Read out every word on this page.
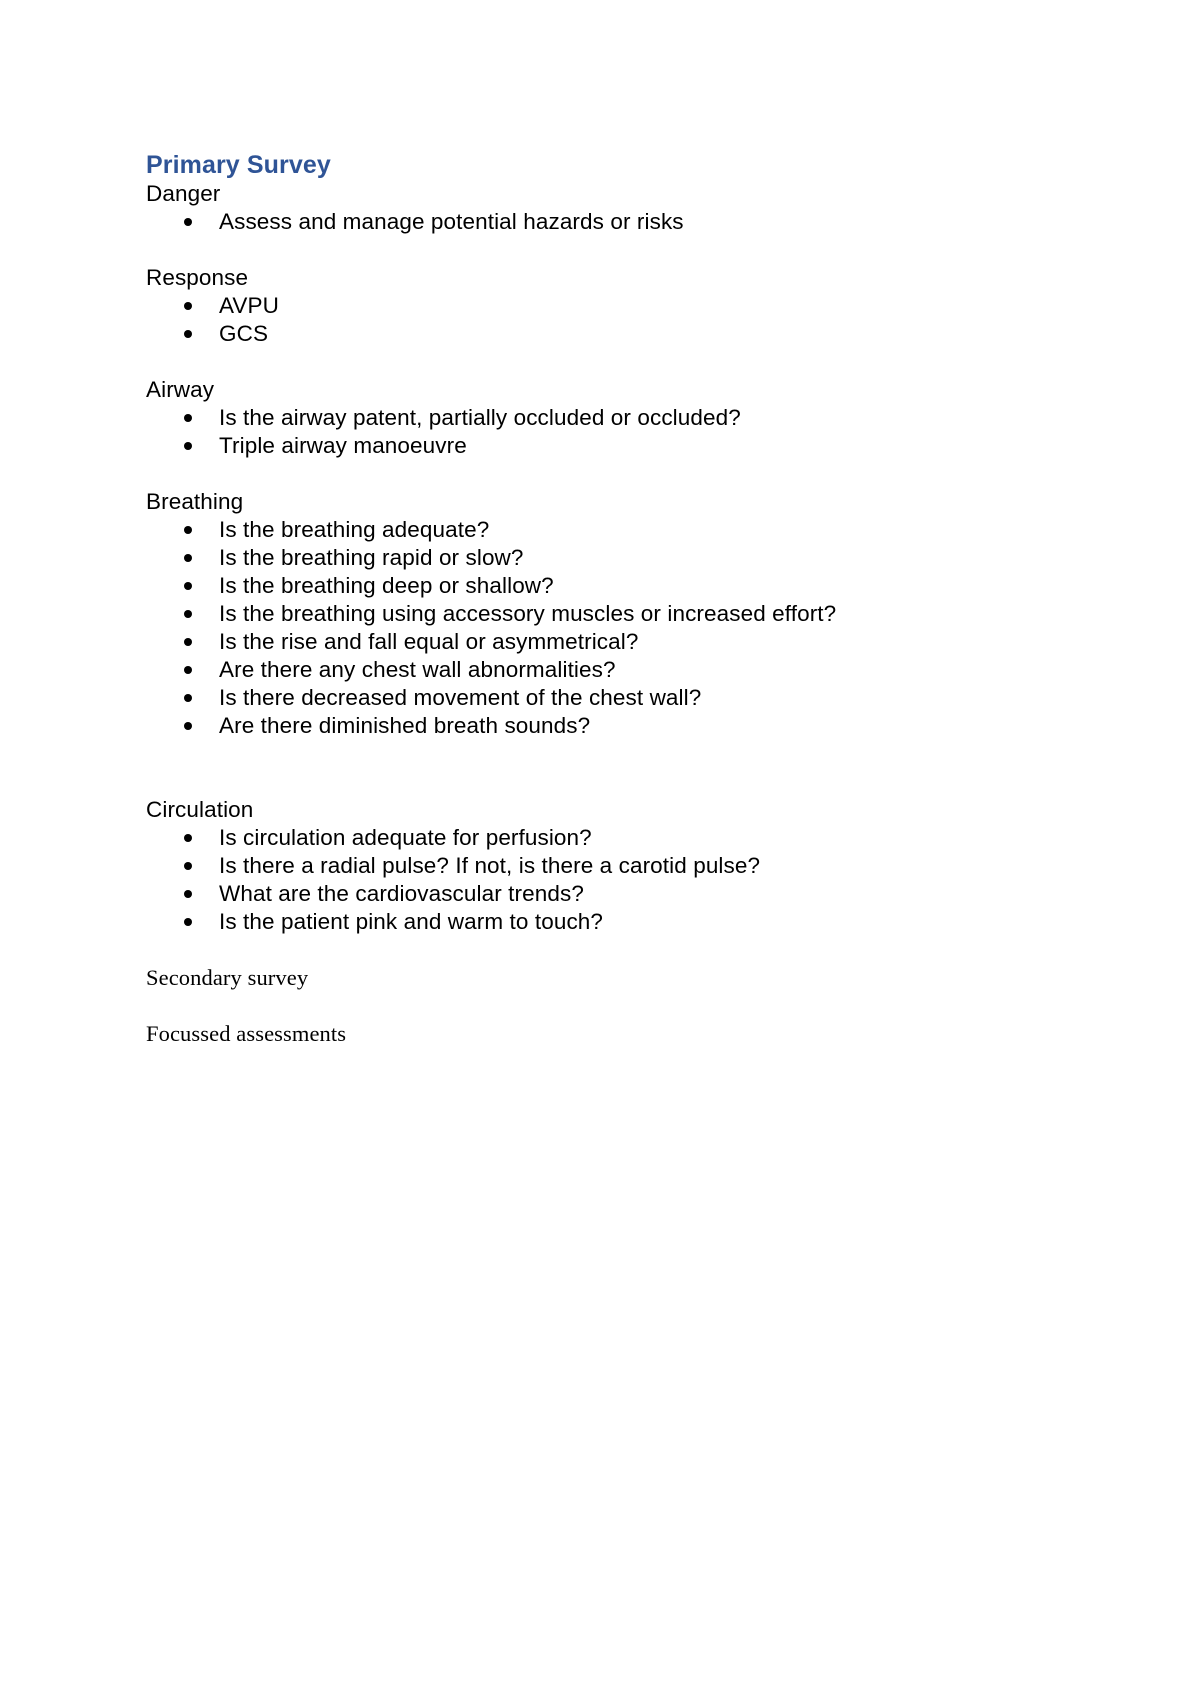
Primary Survey
Danger
Assess and manage potential hazards or risks
Response
AVPU
GCS
Airway
Is the airway patent, partially occluded or occluded?
Triple airway manoeuvre
Breathing
Is the breathing adequate?
Is the breathing rapid or slow?
Is the breathing deep or shallow?
Is the breathing using accessory muscles or increased effort?
Is the rise and fall equal or asymmetrical?
Are there any chest wall abnormalities?
Is there decreased movement of the chest wall?
Are there diminished breath sounds?
Circulation
Is circulation adequate for perfusion?
Is there a radial pulse? If not, is there a carotid pulse?
What are the cardiovascular trends?
Is the patient pink and warm to touch?
Secondary survey
Focussed assessments
